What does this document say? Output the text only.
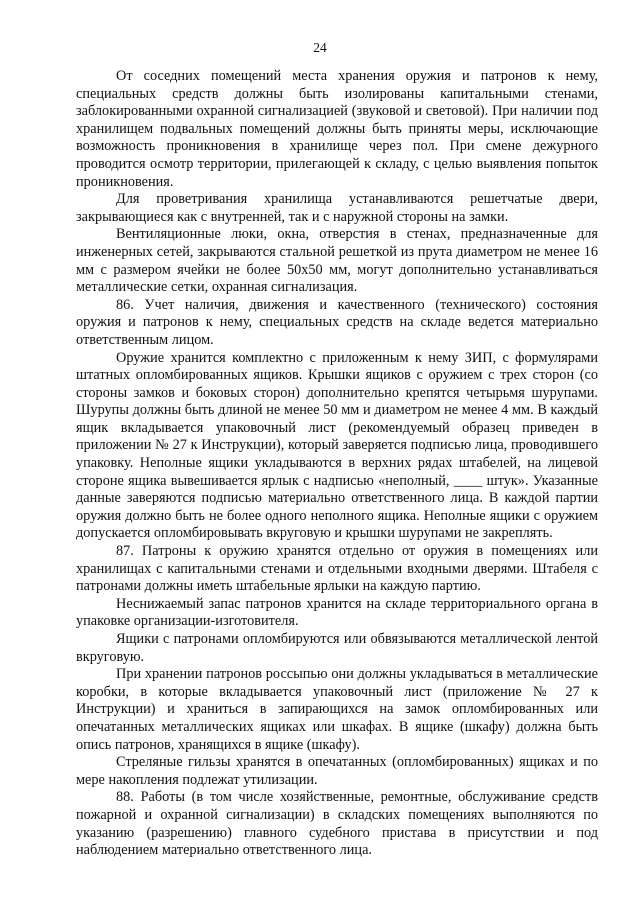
24

От соседних помещений места хранения оружия и патронов к нему, специальных средств должны быть изолированы капитальными стенами, заблокированными охранной сигнализацией (звуковой и световой). При наличии под хранилищем подвальных помещений должны быть приняты меры, исключающие возможность проникновения в хранилище через пол. При смене дежурного проводится осмотр территории, прилегающей к складу, с целью выявления попыток проникновения.

Для проветривания хранилища устанавливаются решетчатые двери, закрывающиеся как с внутренней, так и с наружной стороны на замки.

Вентиляционные люки, окна, отверстия в стенах, предназначенные для инженерных сетей, закрываются стальной решеткой из прута диаметром не менее 16 мм с размером ячейки не более 50х50 мм, могут дополнительно устанавливаться металлические сетки, охранная сигнализация.

86. Учет наличия, движения и качественного (технического) состояния оружия и патронов к нему, специальных средств на складе ведется материально ответственным лицом.

Оружие хранится комплектно с приложенным к нему ЗИП, с формулярами штатных опломбированных ящиков. Крышки ящиков с оружием с трех сторон (со стороны замков и боковых сторон) дополнительно крепятся четырьмя шурупами. Шурупы должны быть длиной не менее 50 мм и диаметром не менее 4 мм. В каждый ящик вкладывается упаковочный лист (рекомендуемый образец приведен в приложении № 27 к Инструкции), который заверяется подписью лица, проводившего упаковку. Неполные ящики укладываются в верхних рядах штабелей, на лицевой стороне ящика вывешивается ярлык с надписью «неполный, ____ штук». Указанные данные заверяются подписью материально ответственного лица. В каждой партии оружия должно быть не более одного неполного ящика. Неполные ящики с оружием допускается опломбировывать вкруговую и крышки шурупами не закреплять.

87. Патроны к оружию хранятся отдельно от оружия в помещениях или хранилищах с капитальными стенами и отдельными входными дверями. Штабеля с патронами должны иметь штабельные ярлыки на каждую партию.

Неснижаемый запас патронов хранится на складе территориального органа в упаковке организации-изготовителя.

Ящики с патронами опломбируются или обвязываются металлической лентой вкруговую.

При хранении патронов россыпью они должны укладываться в металлические коробки, в которые вкладывается упаковочный лист (приложение № 27 к Инструкции) и храниться в запирающихся на замок опломбированных или опечатанных металлических ящиках или шкафах. В ящике (шкафу) должна быть опись патронов, хранящихся в ящике (шкафу).

Стреляные гильзы хранятся в опечатанных (опломбированных) ящиках и по мере накопления подлежат утилизации.

88. Работы (в том числе хозяйственные, ремонтные, обслуживание средств пожарной и охранной сигнализации) в складских помещениях выполняются по указанию (разрешению) главного судебного пристава в присутствии и под наблюдением материально ответственного лица.
